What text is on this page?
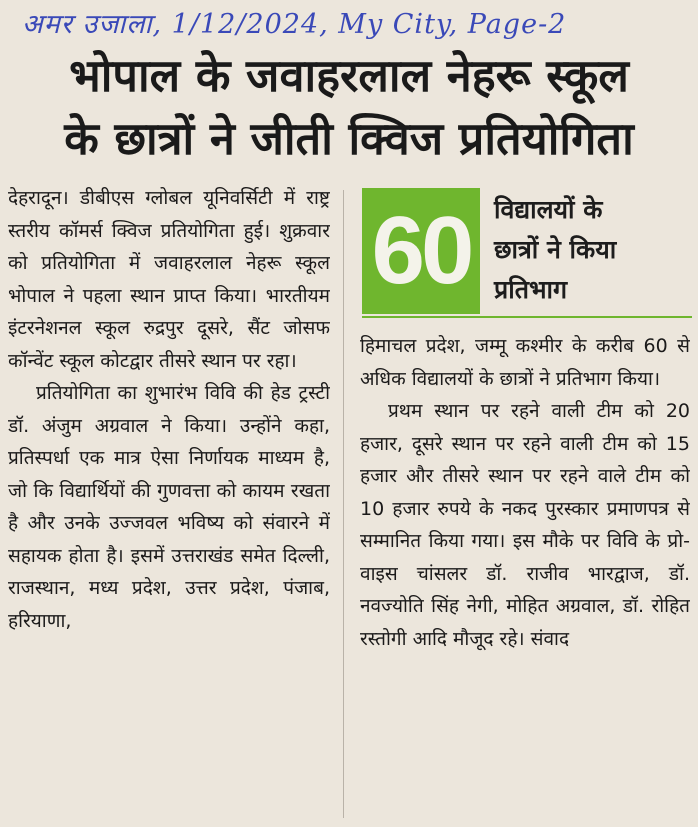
अमर उजाला, 1/12/2024, My City, Page-2
भोपाल के जवाहरलाल नेहरू स्कूल
के छात्रों ने जीती क्विज प्रतियोगिता

देहरादून। डीबीएस ग्लोबल यूनिवर्सिटी में राष्ट्र स्तरीय कॉमर्स क्विज प्रतियोगिता हुई। शुक्रवार को प्रतियोगिता में जवाहरलाल नेहरू स्कूल भोपाल ने पहला स्थान प्राप्त किया। भारतीयम इंटरनेशनल स्कूल रुद्रपुर दूसरे, सैंट जोसफ कॉन्वेंट स्कूल कोटद्वार तीसरे स्थान पर रहा।

प्रतियोगिता का शुभारंभ विवि की हेड ट्रस्टी डॉ. अंजुम अग्रवाल ने किया। उन्होंने कहा, प्रतिस्पर्धा एक मात्र ऐसा निर्णायक माध्यम है, जो कि विद्यार्थियों की गुणवत्ता को कायम रखता है और उनके उज्जवल भविष्य को संवारने में सहायक होता है। इसमें उत्तराखंड समेत दिल्ली, राजस्थान, मध्य प्रदेश, उत्तर प्रदेश, पंजाब, हरियाणा,

60 विद्यालयों के
छात्रों ने किया
प्रतिभाग

हिमाचल प्रदेश, जम्मू कश्मीर के करीब 60 से अधिक विद्यालयों के छात्रों ने प्रतिभाग किया।

प्रथम स्थान पर रहने वाली टीम को 20 हजार, दूसरे स्थान पर रहने वाली टीम को 15 हजार और तीसरे स्थान पर रहने वाले टीम को 10 हजार रुपये के नकद पुरस्कार प्रमाणपत्र से सम्मानित किया गया। इस मौके पर विवि के प्रो-वाइस चांसलर डॉ. राजीव भारद्वाज, डॉ. नवज्योति सिंह नेगी, मोहित अग्रवाल, डॉ. रोहित रस्तोगी आदि मौजूद रहे। संवाद
